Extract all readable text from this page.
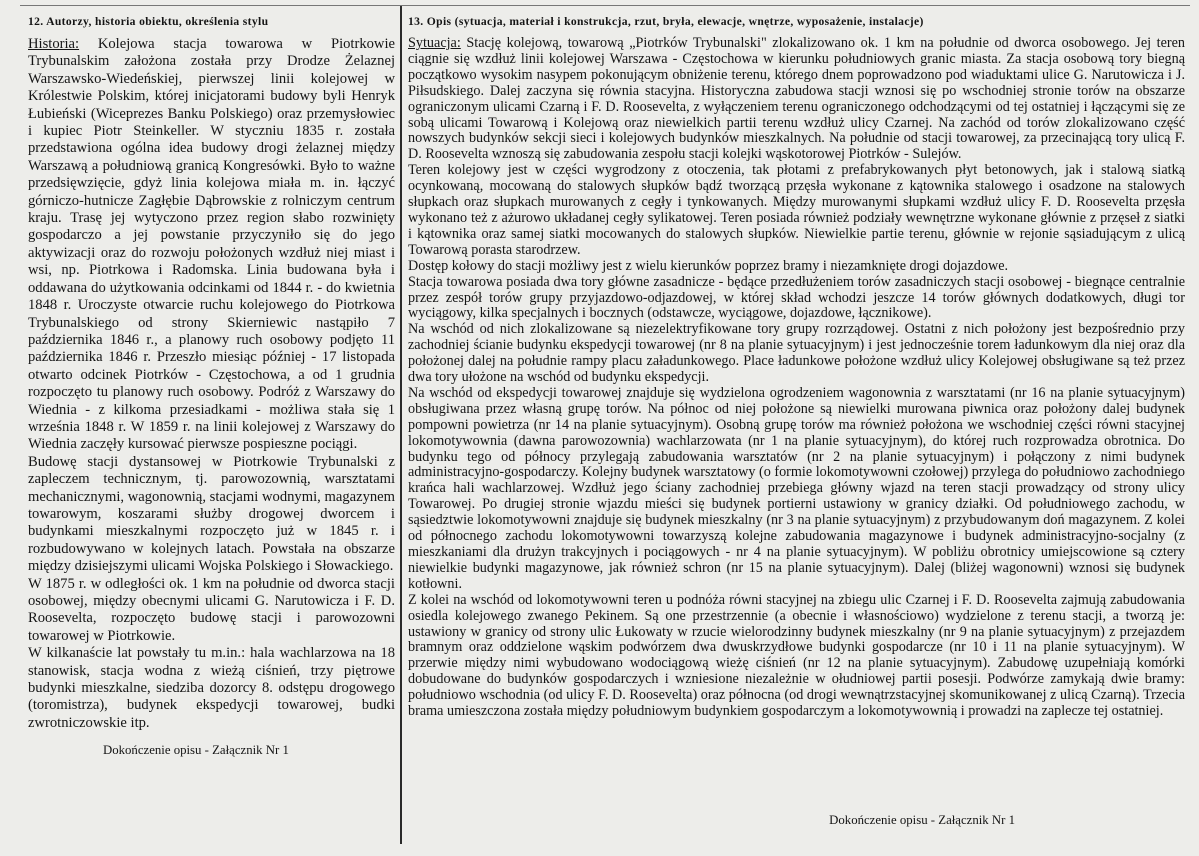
12. Autorzy, historia obiektu, określenia stylu

Historia: Kolejowa stacja towarowa w Piotrkowie Trybunalskim założona została przy Drodze Żelaznej Warszawsko-Wiedeńskiej, pierwszej linii kolejowej w Królestwie Polskim, której inicjatorami budowy byli Henryk Łubieński (Wiceprezes Banku Polskiego) oraz przemysłowiec i kupiec Piotr Steinkeller. W styczniu 1835 r. została przedstawiona ogólna idea budowy drogi żelaznej między Warszawą a południową granicą Kongresówki. Było to ważne przedsięwzięcie, gdyż linia kolejowa miała m. in. łączyć górniczo-hutnicze Zagłębie Dąbrowskie z rolniczym centrum kraju. Trasę jej wytyczono przez region słabo rozwinięty gospodarczo a jej powstanie przyczyniło się do jego aktywizacji oraz do rozwoju położonych wzdłuż niej miast i wsi, np. Piotrkowa i Radomska. Linia budowana była i oddawana do użytkowania odcinkami od 1844 r. - do kwietnia 1848 r. Uroczyste otwarcie ruchu kolejowego do Piotrkowa Trybunalskiego od strony Skierniewic nastąpiło 7 października 1846 r., a planowy ruch osobowy podjęto 11 października 1846 r. Przeszło miesiąc później - 17 listopada otwarto odcinek Piotrków - Częstochowa, a od 1 grudnia rozpoczęto tu planowy ruch osobowy. Podróż z Warszawy do Wiednia - z kilkoma przesiadkami - możliwa stała się 1 września 1848 r. W 1859 r. na linii kolejowej z Warszawy do Wiednia zaczęły kursować pierwsze pospieszne pociągi.

Budowę stacji dystansowej w Piotrkowie Trybunalski z zapleczem technicznym, tj. parowozownią, warsztatami mechanicznymi, wagonownią, stacjami wodnymi, magazynem towarowym, koszarami służby drogowej dworcem i budynkami mieszkalnymi rozpoczęto już w 1845 r. i rozbudowywano w kolejnych latach. Powstała na obszarze między dzisiejszymi ulicami Wojska Polskiego i Słowackiego.

W 1875 r. w odległości ok. 1 km na południe od dworca stacji osobowej, między obecnymi ulicami G. Narutowicza i F. D. Roosevelta, rozpoczęto budowę stacji i parowozowni towarowej w Piotrkowie.

W kilkanaście lat powstały tu m.in.: hala wachlarzowa na 18 stanowisk, stacja wodna z wieżą ciśnień, trzy piętrowe budynki mieszkalne, siedziba dozorcy 8. odstępu drogowego (toromistrza), budynek ekspedycji towarowej, budki zwrotniczowskie itp.

Dokończenie opisu - Załącznik Nr 1
13. Opis (sytuacja, materiał i konstrukcja, rzut, bryła, elewacje, wnętrze, wyposażenie, instalacje)

Sytuacja: Stację kolejową, towarową „Piotrków Trybunalski" zlokalizowano ok. 1 km na południe od dworca osobowego. Jej teren ciągnie się wzdłuż linii kolejowej Warszawa - Częstochowa w kierunku południowych granic miasta. Za stacja osobową tory biegną początkowo wysokim nasypem pokonującym obniżenie terenu, którego dnem poprowadzono pod wiaduktami ulice G. Narutowicza i J. Piłsudskiego. Dalej zaczyna się równia stacyjna. Historyczna zabudowa stacji wznosi się po wschodniej stronie torów na obszarze ograniczonym ulicami Czarną i F. D. Roosevelta, z wyłączeniem terenu ograniczonego odchodzącymi od tej ostatniej i łączącymi się ze sobą ulicami Towarową i Kolejową oraz niewielkich partii terenu wzdłuż ulicy Czarnej. Na zachód od torów zlokalizowano część nowszych budynków sekcji sieci i kolejowych budynków mieszkalnych. Na południe od stacji towarowej, za przecinającą tory ulicą F. D. Roosevelta wznoszą się zabudowania zespołu stacji kolejki wąskotorowej Piotrków - Sulejów.

Teren kolejowy jest w części wygrodzony z otoczenia, tak płotami z prefabrykowanych płyt betonowych, jak i stalową siatką ocynkowaną, mocowaną do stalowych słupków bądź tworzącą przęsła wykonane z kątownika stalowego i osadzone na stalowych słupkach oraz słupkach murowanych z cegły i tynkowanych. Między murowanymi słupkami wzdłuż ulicy F. D. Roosevelta przęsła wykonano też z ażurowo układanej cegły sylikatowej. Teren posiada również podziały wewnętrzne wykonane głównie z przęseł z siatki i kątownika oraz samej siatki mocowanych do stalowych słupków. Niewielkie partie terenu, głównie w rejonie sąsiadującym z ulicą Towarową porasta starodrzew.

Dostęp kołowy do stacji możliwy jest z wielu kierunków poprzez bramy i niezamknięte drogi dojazdowe.

Stacja towarowa posiada dwa tory główne zasadnicze - będące przedłużeniem torów zasadniczych stacji osobowej - biegnące centralnie przez zespół torów grupy przyjazdowo-odjazdowej, w której skład wchodzi jeszcze 14 torów głównych dodatkowych, długi tor wyciągowy, kilka specjalnych i bocznych (odstawcze, wyciągowe, dojazdowe, łącznikowe).

Na wschód od nich zlokalizowane są niezelektryfikowane tory grupy rozrządowej. Ostatni z nich położony jest bezpośrednio przy zachodniej ścianie budynku ekspedycji towarowej (nr 8 na planie sytuacyjnym) i jest jednocześnie torem ładunkowym dla niej oraz dla położonej dalej na południe rampy placu załadunkowego. Place ładunkowe położone wzdłuż ulicy Kolejowej obsługiwane są też przez dwa tory ułożone na wschód od budynku ekspedycji.

Na wschód od ekspedycji towarowej znajduje się wydzielona ogrodzeniem wagonownia z warsztatami (nr 16 na planie sytuacyjnym) obsługiwana przez własną grupę torów. Na północ od niej położone są niewielki murowana piwnica oraz położony dalej budynek pompowni powietrza (nr 14 na planie sytuacyjnym). Osobną grupę torów ma również położona we wschodniej części równi stacyjnej lokomotywownia (dawna parowozownia) wachlarzowata (nr 1 na planie sytuacyjnym), do której ruch rozprowadza obrotnica. Do budynku tego od północy przylegają zabudowania warsztatów (nr 2 na planie sytuacyjnym) i połączony z nimi budynek administracyjno-gospodarczy. Kolejny budynek warsztatowy (o formie lokomotywowni czołowej) przylega do południowo zachodniego krańca hali wachlarzowej. Wzdłuż jego ściany zachodniej przebiega główny wjazd na teren stacji prowadzący od strony ulicy Towarowej. Po drugiej stronie wjazdu mieści się budynek portierni ustawiony w granicy działki. Od południowego zachodu, w sąsiedztwie lokomotywowni znajduje się budynek mieszkalny (nr 3 na planie sytuacyjnym) z przybudowanym doń magazynem. Z kolei od północnego zachodu lokomotywowni towarzyszą kolejne zabudowania magazynowe i budynek administracyjno-socjalny (z mieszkaniami dla drużyn trakcyjnych i pociągowych - nr 4 na planie sytuacyjnym). W pobliżu obrotnicy umiejscowione są cztery niewielkie budynki magazynowe, jak również schron (nr 15 na planie sytuacyjnym). Dalej (bliżej wagonowni) wznosi się budynek kotłowni.

Z kolei na wschód od lokomotywowni teren u podnóża równi stacyjnej na zbiegu ulic Czarnej i F. D. Roosevelta zajmują zabudowania osiedla kolejowego zwanego Pekinem. Są one przestrzennie (a obecnie i własnościowo) wydzielone z terenu stacji, a tworzą je: ustawiony w granicy od strony ulic Łukowaty w rzucie wielorodzinny budynek mieszkalny (nr 9 na planie sytuacyjnym) z przejazdem bramnym oraz oddzielone wąskim podwórzem dwa dwuskrzydłowe budynki gospodarcze (nr 10 i 11 na planie sytuacyjnym). W przerwie między nimi wybudowano wodociągową wieżę ciśnień (nr 12 na planie sytuacyjnym). Zabudowę uzupełniają komórki dobudowane do budynków gospodarczych i wzniesione niezależnie w ołudniowej partii posesji. Podwórze zamykają dwie bramy: południowo wschodnia (od ulicy F. D. Roosevelta) oraz północna (od drogi wewnątrzstacyjnej skomunikowanej z ulicą Czarną). Trzecia brama umieszczona została między południowym budynkiem gospodarczym a lokomotywownią i prowadzi na zaplecze tej ostatniej.

Dokończenie opisu - Załącznik Nr 1
